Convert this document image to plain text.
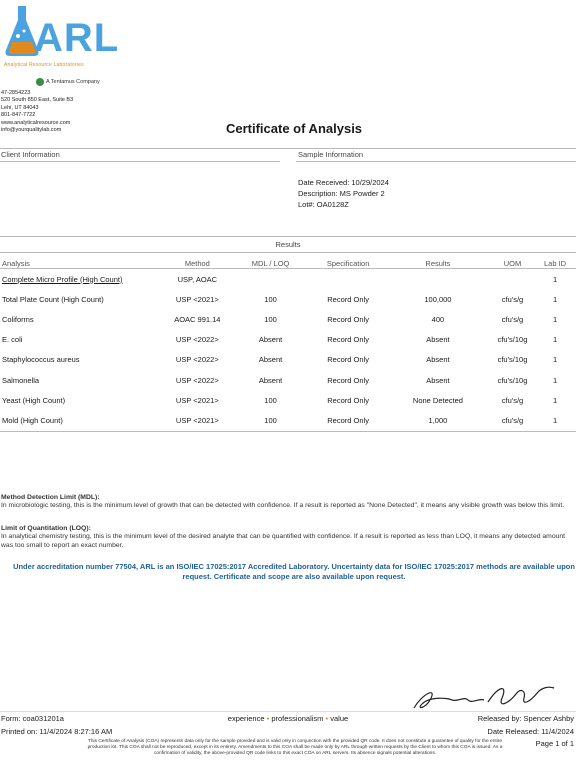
ARL
Analytical Resource Laboratories
A Tentamus Company
47-2854223
520 South 850 East, Suite B3
Lehi, UT 84043
801-847-7722
www.analyticalresource.com
info@yourqualitylab.com	Certificate of Analysis
Client Information	Sample Information
Date Received: 10/29/2024
Description: MS Powder 2
Lot#: OA0128Z
Results
Analysis	Method	MDL / LOQ	Specification	Results	UOM	Lab ID
Complete Micro Profile (High Count)	USP, AOAC					1
Total Plate Count (High Count)	USP <2021>	100	Record Only	100,000	cfu's/g	1
Coliforms	AOAC 991.14	100	Record Only	400	cfu's/g	1
E. coli	USP <2022>	Absent	Record Only	Absent	cfu's/10g	1
Staphylococcus aureus	USP <2022>	Absent	Record Only	Absent	cfu's/10g	1
Salmonella	USP <2022>	Absent	Record Only	Absent	cfu's/10g	1
Yeast (High Count)	USP <2021>	100	Record Only	None Detected	cfu's/g	1
Mold (High Count)	USP <2021>	100	Record Only	1,000	cfu's/g	1
Method Detection Limit (MDL):
In microbiologic testing, this is the minimum level of growth that can be detected with confidence. If a result is reported as "None Detected", it means any visible growth was below this limit.
Limit of Quantitation (LOQ):
In analytical chemistry testing, this is the minimum level of the desired analyte that can be quantified with confidence. If a result is reported as less than LOQ, it means any detected amount was too small to report an exact number.
Under accreditation number 77504, ARL is an ISO/IEC 17025:2017 Accredited Laboratory. Uncertainty data for ISO/IEC 17025:2017 methods are available upon request. Certificate and scope are also available upon request.
Form: coa031201a
Printed on: 11/4/2024 8:27:16 AM
experience • professionalism • value	Released by: Spencer Ashby
Date Released: 11/4/2024
Page 1 of 1
This Certificate of Analysis (COA) represents data only for the sample provided and is valid only in conjunction with the provided QR code. It does not constitute a guarantee of quality for the entire production lot. This COA shall not be reproduced, except in its entirety. Amendments to this COA shall be made only by ARL through written requests by the Client to whom this COA is issued. As a confirmation of validity, the above-provided QR code links to this exact COA on ARL servers. Its absence signals potential alterations.
